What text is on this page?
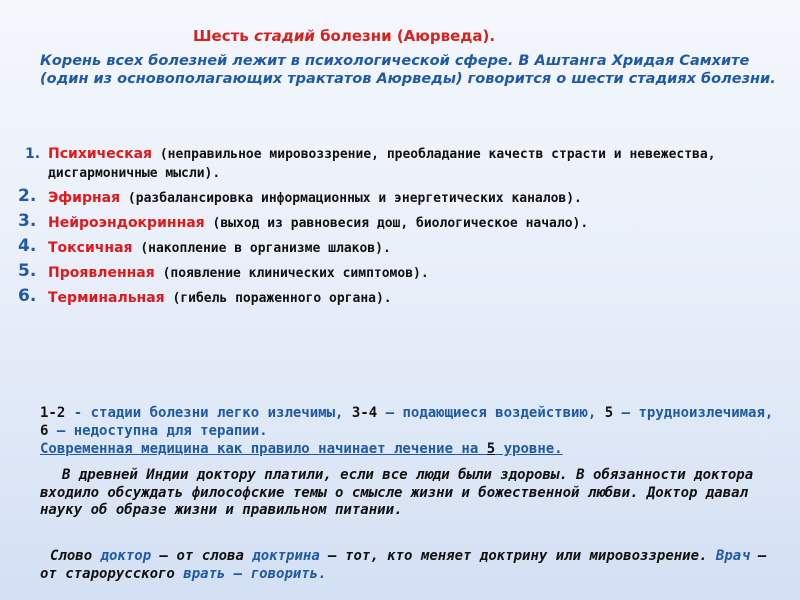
Шесть стадий болезни (Аюрведа).
Корень всех болезней лежит в психологической сфере. В Аштанга Хридая Самхите (один из основополагающих трактатов Аюрведы) говорится о шести стадиях болезни.
1. Психическая (неправильное мировоззрение, преобладание качеств страсти и невежества, дисгармоничные мысли).
2. Эфирная (разбалансировка информационных и энергетических каналов).
3. Нейроэндокринная (выход из равновесия дош, биологическое начало).
4. Токсичная (накопление в организме шлаков).
5. Проявленная (появление клинических симптомов).
6. Терминальная (гибель пораженного органа).
1-2 - стадии болезни легко излечимы, 3-4 – подающиеся воздействию, 5 – трудноизлечимая, 6 – недоступна для терапии.
Современная медицина как правило начинает лечение на 5 уровне.
В древней Индии доктору платили, если все люди были здоровы. В обязанности доктора входило обсуждать философские темы о смысле жизни и божественной любви. Доктор давал науку об образе жизни и правильном питании.
Слово доктор – от слова доктрина – тот, кто меняет доктрину или мировоззрение. Врач – от старорусского врать – говорить.
